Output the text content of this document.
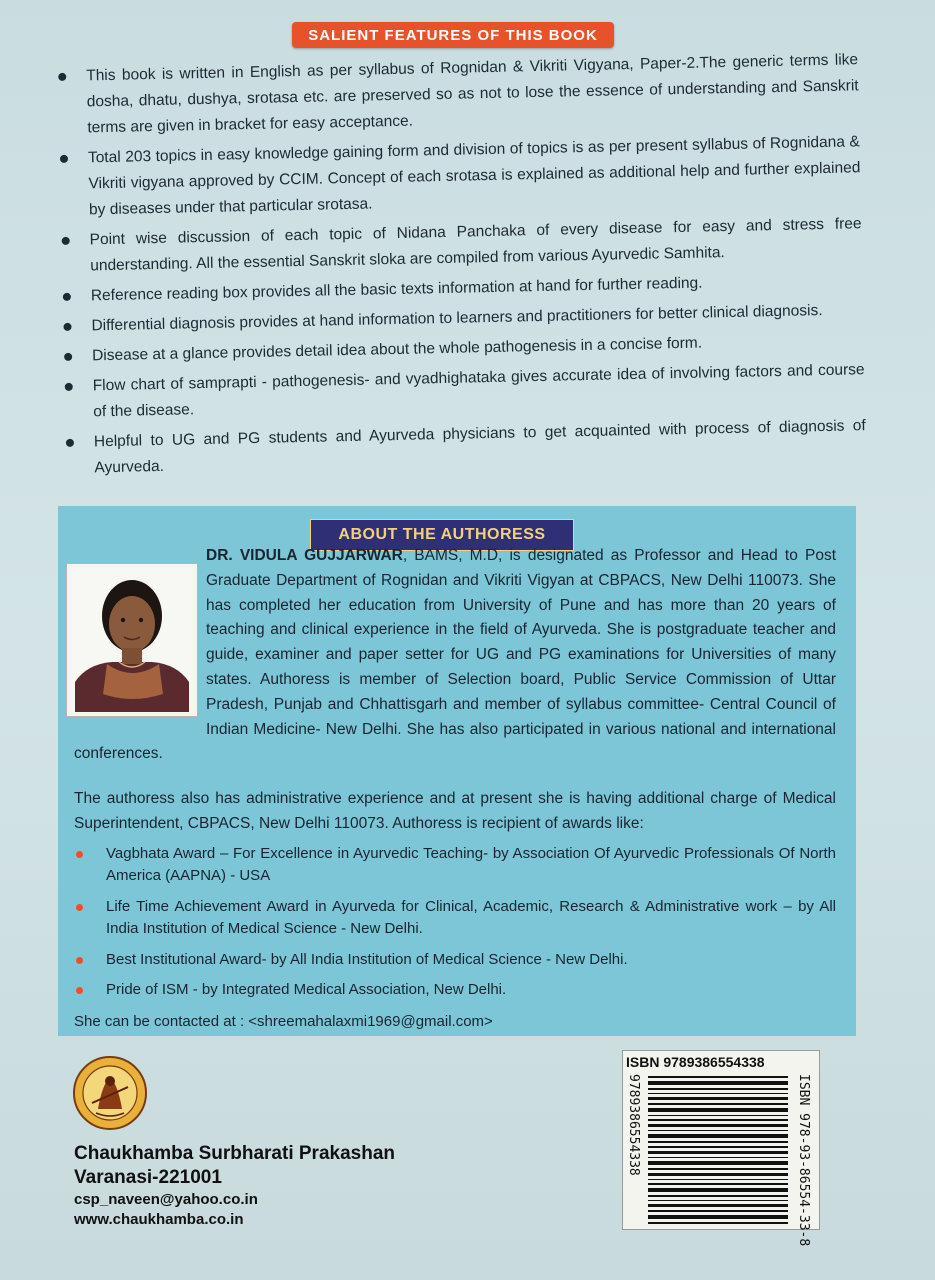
SALIENT FEATURES OF THIS BOOK
This book is written in English as per syllabus of Rognidan & Vikriti Vigyana, Paper-2.The generic terms like dosha, dhatu, dushya, srotasa etc. are preserved so as not to lose the essence of understanding and Sanskrit terms are given in bracket for easy acceptance.
Total 203 topics in easy knowledge gaining form and division of topics is as per present syllabus of Rognidana & Vikriti vigyana approved by CCIM. Concept of each srotasa is explained as additional help and further explained by diseases under that particular srotasa.
Point wise discussion of each topic of Nidana Panchaka of every disease for easy and stress free understanding. All the essential Sanskrit sloka are compiled from various Ayurvedic Samhita.
Reference reading box provides all the basic texts information at hand for further reading.
Differential diagnosis provides at hand information to learners and practitioners for better clinical diagnosis.
Disease at a glance provides detail idea about the whole pathogenesis in a concise form.
Flow chart of samprapti - pathogenesis- and vyadhighataka gives accurate idea of involving factors and course of the disease.
Helpful to UG and PG students and Ayurveda physicians to get acquainted with process of diagnosis of Ayurveda.
ABOUT THE AUTHORESS

DR. VIDULA GUJJARWAR, BAMS, M.D, is designated as Professor and Head to Post Graduate Department of Rognidan and Vikriti Vigyan at CBPACS, New Delhi 110073. She has completed her education from University of Pune and has more than 20 years of teaching and clinical experience in the field of Ayurveda. She is postgraduate teacher and guide, examiner and paper setter for UG and PG examinations for Universities of many states. Authoress is member of Selection board, Public Service Commission of Uttar Pradesh, Punjab and Chhattisgarh and member of syllabus committee- Central Council of Indian Medicine- New Delhi. She has also participated in various national and international conferences.

The authoress also has administrative experience and at present she is having additional charge of Medical Superintendent, CBPACS, New Delhi 110073. Authoress is recipient of awards like:

Vagbhata Award – For Excellence in Ayurvedic Teaching- by Association Of Ayurvedic Professionals Of North America (AAPNA) - USA
Life Time Achievement Award in Ayurveda for Clinical, Academic, Research & Administrative work – by All India Institution of Medical Science - New Delhi.
Best Institutional Award- by All India Institution of Medical Science - New Delhi.
Pride of ISM - by Integrated Medical Association, New Delhi.
She can be contacted at : <shreemahalaxmi1969@gmail.com>
Chaukhamba Surbharati Prakashan
Varanasi-221001
csp_naveen@yahoo.co.in
www.chaukhamba.co.in
ISBN 9789386554338
9789386554338	ISBN 978-93-86554-33-8
